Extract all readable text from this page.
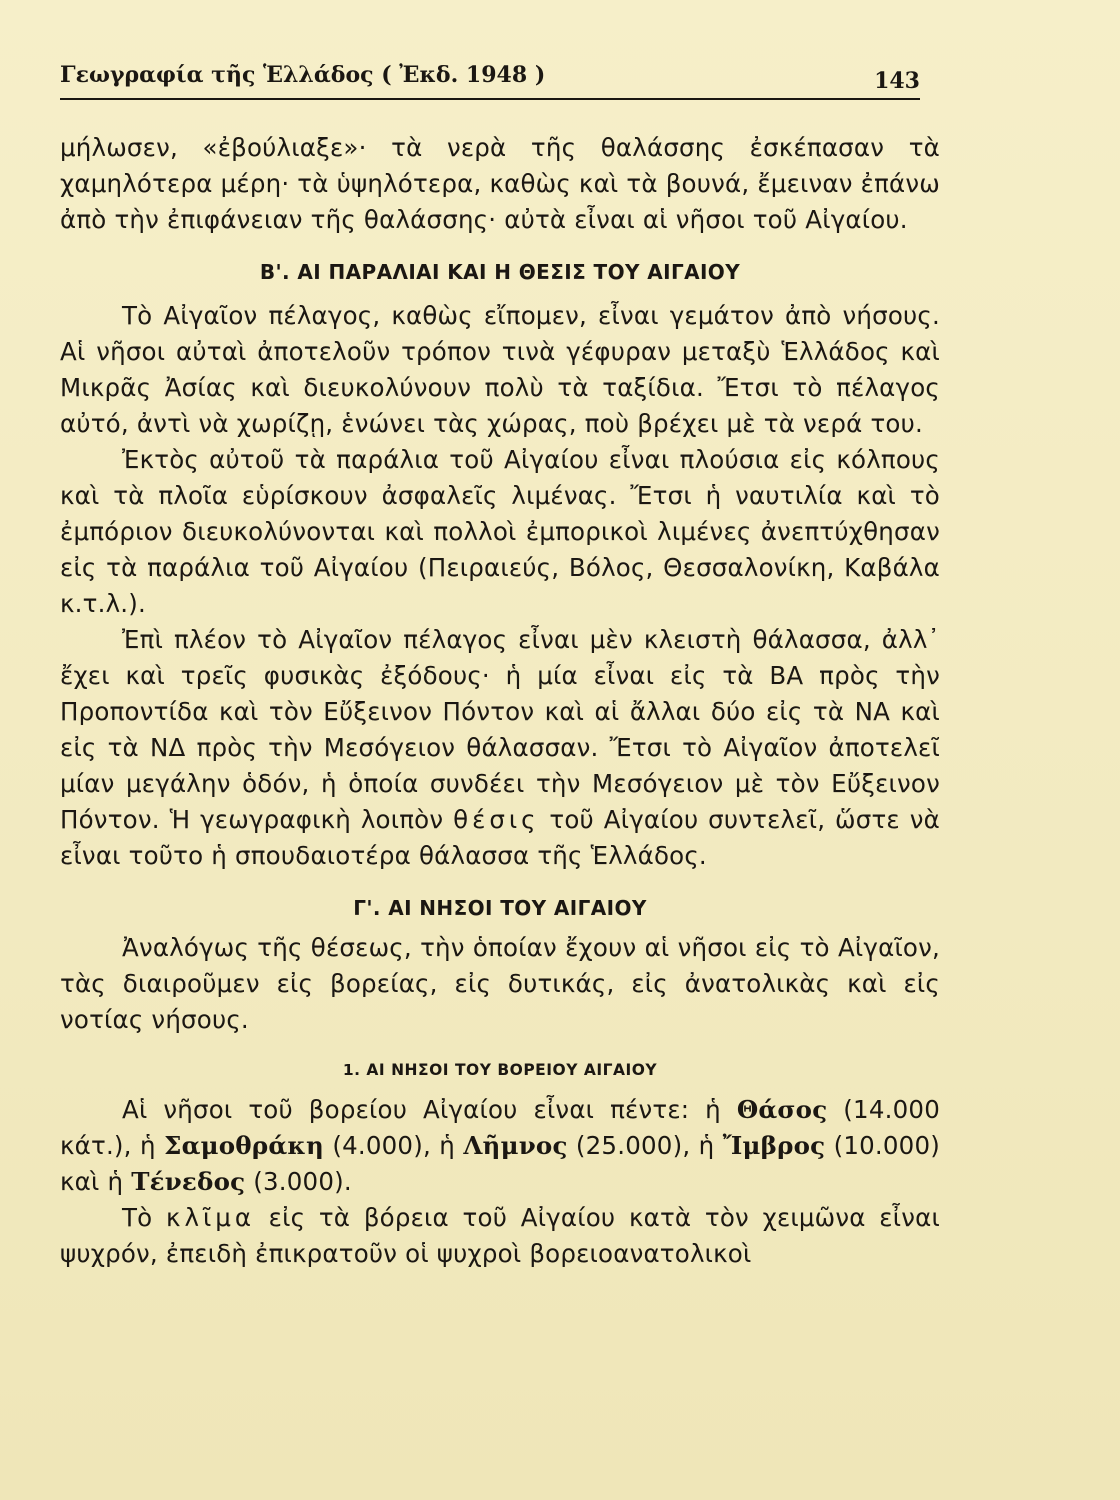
Γεωγραφία τῆς Ἑλλάδος ( Ἐκδ. 1948 )	143

μήλωσεν, «ἐβούλιαξε»· τὰ νερὰ τῆς θαλάσσης ἐσκέπασαν τὰ χαμηλότερα μέρη· τὰ ὑψηλότερα, καθὼς καὶ τὰ βουνά, ἔμειναν ἐπάνω ἀπὸ τὴν ἐπιφάνειαν τῆς θαλάσσης· αὐτὰ εἶναι αἱ νῆσοι τοῦ Αἰγαίου.

Β'. ΑΙ ΠΑΡΑΛΙΑΙ ΚΑΙ Η ΘΕΣΙΣ ΤΟΥ ΑΙΓΑΙΟΥ

Τὸ Αἰγαῖον πέλαγος, καθὼς εἴπομεν, εἶναι γεμάτον ἀπὸ νήσους. Αἱ νῆσοι αὐταὶ ἀποτελοῦν τρόπον τινὰ γέφυραν μεταξὺ Ἑλλάδος καὶ Μικρᾶς Ἀσίας καὶ διευκολύνουν πολὺ τὰ ταξίδια. Ἔτσι τὸ πέλαγος αὐτό, ἀντὶ νὰ χωρίζῃ, ἑνώνει τὰς χώρας, ποὺ βρέχει μὲ τὰ νερά του.

Ἐκτὸς αὐτοῦ τὰ παράλια τοῦ Αἰγαίου εἶναι πλούσια εἰς κόλπους καὶ τὰ πλοῖα εὑρίσκουν ἀσφαλεῖς λιμένας. Ἔτσι ἡ ναυτιλία καὶ τὸ ἐμπόριον διευκολύνονται καὶ πολλοὶ ἐμπορικοὶ λιμένες ἀνεπτύχθησαν εἰς τὰ παράλια τοῦ Αἰγαίου (Πειραιεύς, Βόλος, Θεσσαλονίκη, Καβάλα κ.τ.λ.).

Ἐπὶ πλέον τὸ Αἰγαῖον πέλαγος εἶναι μὲν κλειστὴ θάλασσα, ἀλλ᾽ ἔχει καὶ τρεῖς φυσικὰς ἐξόδους· ἡ μία εἶναι εἰς τὰ ΒΑ πρὸς τὴν Προποντίδα καὶ τὸν Εὔξεινον Πόντον καὶ αἱ ἄλλαι δύο εἰς τὰ ΝΑ καὶ εἰς τὰ ΝΔ πρὸς τὴν Μεσόγειον θάλασσαν. Ἔτσι τὸ Αἰγαῖον ἀποτελεῖ μίαν μεγάλην ὁδόν, ἡ ὁποία συνδέει τὴν Μεσόγειον μὲ τὸν Εὔξεινον Πόντον. Ἡ γεωγραφικὴ λοιπὸν θέσις τοῦ Αἰγαίου συντελεῖ, ὥστε νὰ εἶναι τοῦτο ἡ σπουδαιοτέρα θάλασσα τῆς Ἑλλάδος.

Γ'. ΑΙ ΝΗΣΟΙ ΤΟΥ ΑΙΓΑΙΟΥ

Ἀναλόγως τῆς θέσεως, τὴν ὁποίαν ἔχουν αἱ νῆσοι εἰς τὸ Αἰγαῖον, τὰς διαιροῦμεν εἰς βορείας, εἰς δυτικάς, εἰς ἀνατολικὰς καὶ εἰς νοτίας νήσους.

1. ΑΙ ΝΗΣΟΙ ΤΟΥ ΒΟΡΕΙΟΥ ΑΙΓΑΙΟΥ

Αἱ νῆσοι τοῦ βορείου Αἰγαίου εἶναι πέντε: ἡ Θάσος (14.000 κάτ.), ἡ Σαμοθράκη (4.000), ἡ Λῆμνος (25.000), ἡ Ἴμβρος (10.000) καὶ ἡ Τένεδος (3.000).

Τὸ κλῖμα εἰς τὰ βόρεια τοῦ Αἰγαίου κατὰ τὸν χειμῶνα εἶναι ψυχρόν, ἐπειδὴ ἐπικρατοῦν οἱ ψυχροὶ βορειοανατολικοὶ
